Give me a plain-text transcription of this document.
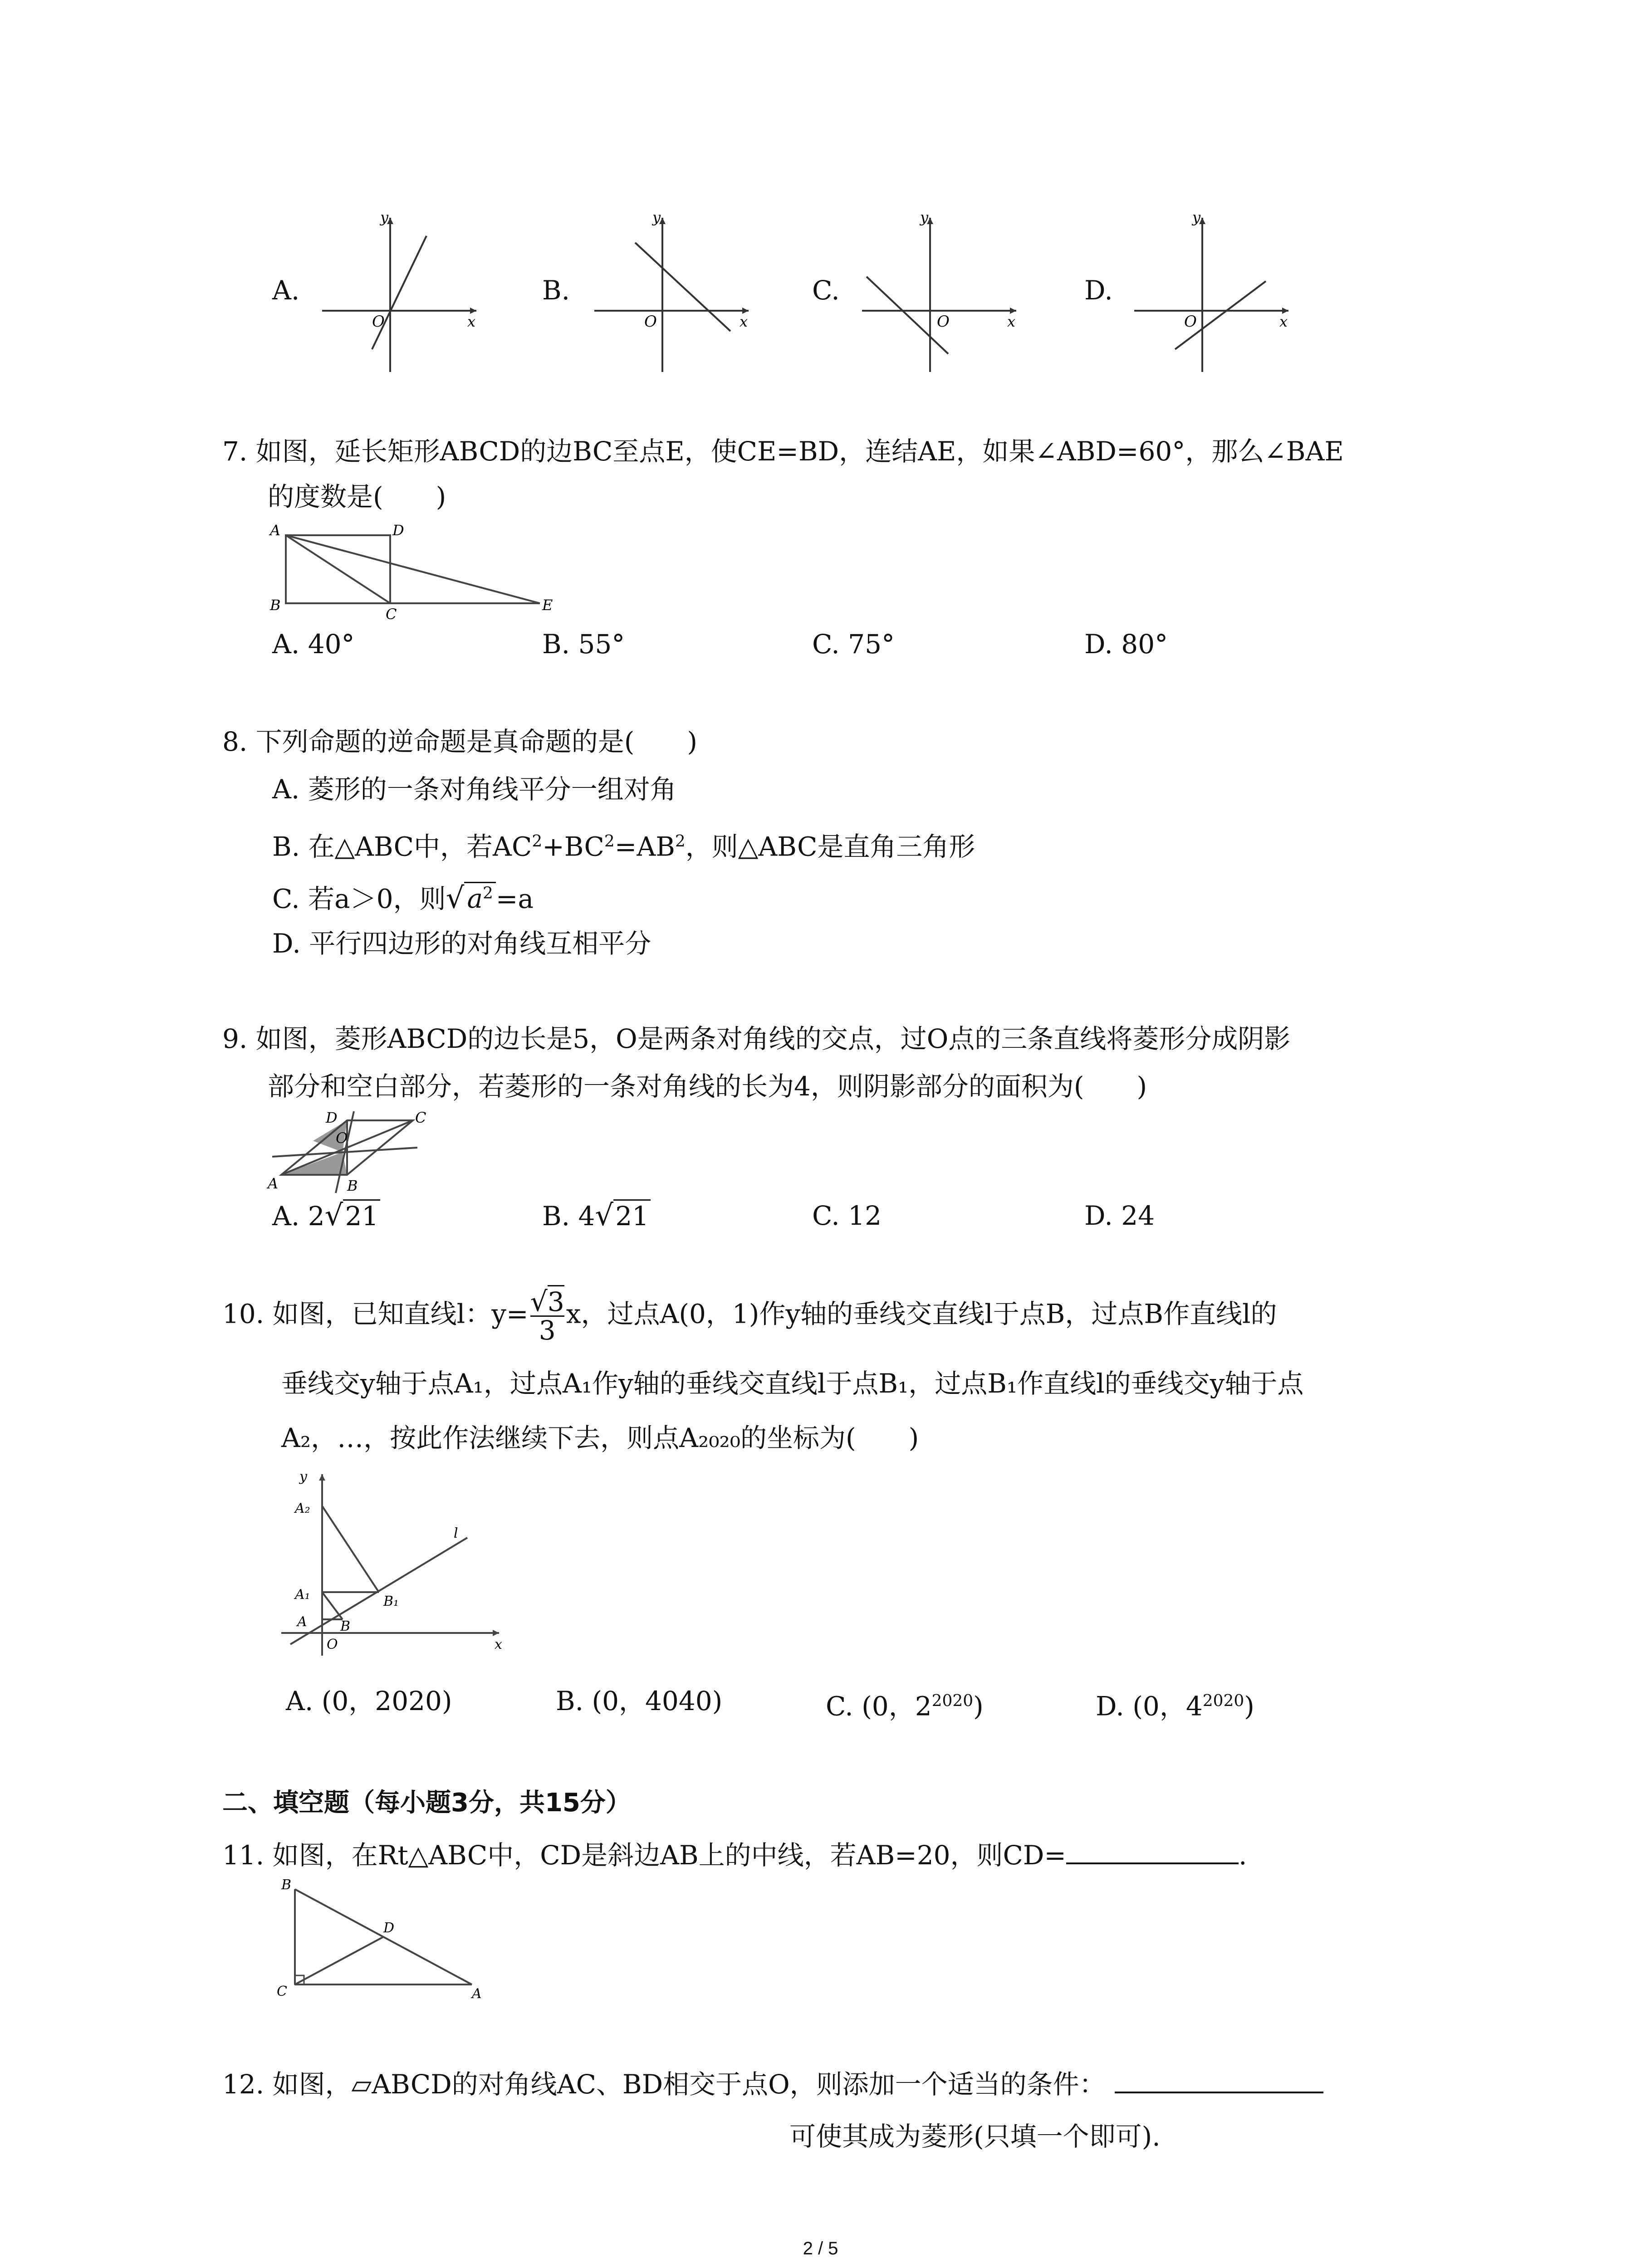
A.
y
x
O
B.
y
x
O
C.
y
x
O
D.
y
x
O
7. 如图，延长矩形ABCD的边BC至点E，使CE=BD，连结AE，如果∠ABD=60°，那么∠BAE
的度数是(　　)
A	D
B
C
E
A. 40°	B. 55°	C. 75°	D. 80°
8. 下列命题的逆命题是真命题的是(　　)
A. 菱形的一条对角线平分一组对角
B. 在△ABC中，若$AC^2+BC^2=AB^2$，则△ABC是直角三角形
C. 若a＞0，则√ $a^2 =a$
D. 平行四边形的对角线互相平分
9. 如图，菱形ABCD的边长是5，O是两条对角线的交点，过O点的三条直线将菱形分成阴影
部分和空白部分，若菱形的一条对角线的长为4，则阴影部分的面积为(　　)
A	B
C
D
O
A. 2√21	B. 4√21	C. 12	D. 24
10. 如图，已知直线l：$y= \frac{√3}{3}$ x，过点A(0，1)作y轴的垂线交直线l于点B，过点B作直线l的
垂线交y轴于点A₁，过点A₁作y轴的垂线交直线l于点B₁，过点B₁作直线l的垂线交y轴于点
A₂，…，按此作法继续下去，则点A₂₀₂₀的坐标为(　　)
y
x
O
A B
A₁	B₁
A₂
l
A. (0，2020)	B. (0，4040)	C. (0，$2^{2020}$)	D. (0，$4^{2020}$)
二、填空题（每小题3分，共15分）
11. 如图，在Rt△ABC中，CD是斜边AB上的中线，若AB=20，则CD=	.
B
C
D
A
12. 如图，▱ABCD的对角线AC、BD相交于点O，则添加一个适当的条件：
可使其成为菱形(只填一个即可).
2 / 5
